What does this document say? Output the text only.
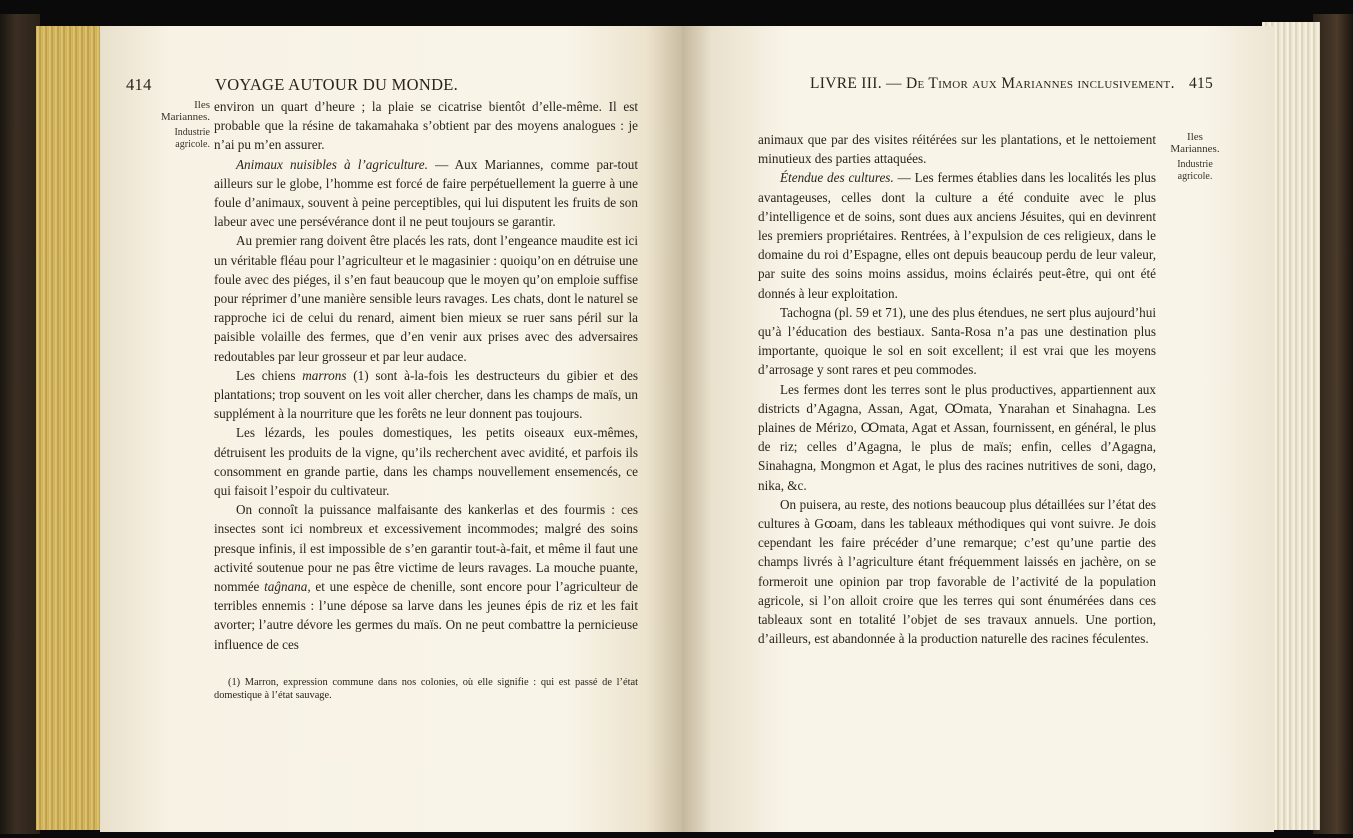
414	VOYAGE AUTOUR DU MONDE.	LIVRE III. — De Timor aux Mariannes inclusivement. 415
Iles Mariannes.
Industrie
agricole.
Iles Mariannes.
Industrie
agricole.

environ un quart d’heure ; la plaie se cicatrise bientôt d’elle-même. Il est probable que la résine de takamahaka s’obtient par des moyens analogues : je n’ai pu m’en assurer.

Animaux nuisibles à l’agriculture. — Aux Mariannes, comme par-tout ailleurs sur le globe, l’homme est forcé de faire perpétuellement la guerre à une foule d’animaux, souvent à peine perceptibles, qui lui disputent les fruits de son labeur avec une persévérance dont il ne peut toujours se garantir.

Au premier rang doivent être placés les rats, dont l’engeance maudite est ici un véritable fléau pour l’agriculteur et le magasinier : quoiqu’on en détruise une foule avec des piéges, il s’en faut beaucoup que le moyen qu’on emploie suffise pour réprimer d’une manière sensible leurs ravages. Les chats, dont le naturel se rapproche ici de celui du renard, aiment bien mieux se ruer sans péril sur la paisible volaille des fermes, que d’en venir aux prises avec des adversaires redoutables par leur grosseur et par leur audace.

Les chiens marrons (1) sont à-la-fois les destructeurs du gibier et des plantations; trop souvent on les voit aller chercher, dans les champs de maïs, un supplément à la nourriture que les forêts ne leur donnent pas toujours.

Les lézards, les poules domestiques, les petits oiseaux eux-mêmes, détruisent les produits de la vigne, qu’ils recherchent avec avidité, et parfois ils consomment en grande partie, dans les champs nouvellement ensemencés, ce qui faisoit l’espoir du cultivateur.

On connoît la puissance malfaisante des kankerlas et des fourmis : ces insectes sont ici nombreux et excessivement incommodes; malgré des soins presque infinis, il est impossible de s’en garantir tout-à-fait, et même il faut une activité soutenue pour ne pas être victime de leurs ravages. La mouche puante, nommée taĝnana, et une espèce de chenille, sont encore pour l’agriculteur de terribles ennemis : l’une dépose sa larve dans les jeunes épis de riz et les fait avorter; l’autre dévore les germes du maïs. On ne peut combattre la pernicieuse influence de ces

(1) Marron, expression commune dans nos colonies, où elle signifie : qui est passé de l’état domestique à l’état sauvage.

animaux que par des visites réitérées sur les plantations, et le nettoiement minutieux des parties attaquées.

Étendue des cultures. — Les fermes établies dans les localités les plus avantageuses, celles dont la culture a été conduite avec le plus d’intelligence et de soins, sont dues aux anciens Jésuites, qui en devinrent les premiers propriétaires. Rentrées, à l’expulsion de ces religieux, dans le domaine du roi d’Espagne, elles ont depuis beaucoup perdu de leur valeur, par suite des soins moins assidus, moins éclairés peut-être, qui ont été donnés à leur exploitation.

Tachogna (pl. 59 et 71), une des plus étendues, ne sert plus aujourd’hui qu’à l’éducation des bestiaux. Santa-Rosa n’a pas une destination plus importante, quoique le sol en soit excellent; il est vrai que les moyens d’arrosage y sont rares et peu commodes.

Les fermes dont les terres sont le plus productives, appartiennent aux districts d’Agagna, Assan, Agat, Ꝏmata, Ynarahan et Sinahagna. Les plaines de Mérizo, Ꝏmata, Agat et Assan, fournissent, en général, le plus de riz; celles d’Agagna, le plus de maïs; enfin, celles d’Agagna, Sinahagna, Mongmon et Agat, le plus des racines nutritives de soni, dago, nika, &c.

On puisera, au reste, des notions beaucoup plus détaillées sur l’état des cultures à Gꝏam, dans les tableaux méthodiques qui vont suivre. Je dois cependant les faire précéder d’une remarque; c’est qu’une partie des champs livrés à l’agriculture étant fréquemment laissés en jachère, on se formeroit une opinion par trop favorable de l’activité de la population agricole, si l’on alloit croire que les terres qui sont énumérées dans ces tableaux sont en totalité l’objet de ses travaux annuels. Une portion, d’ailleurs, est abandonnée à la production naturelle des racines féculentes.
